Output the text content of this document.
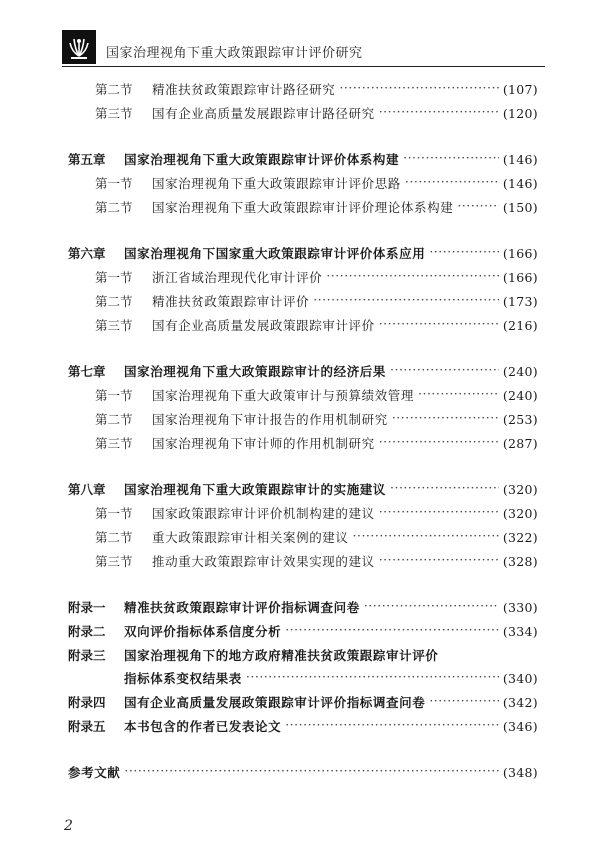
国家治理视角下重大政策跟踪审计评价研究
第二节	精准扶贫政策跟踪审计路径研究 ·····	(107)
第三节	国有企业高质量发展跟踪审计路径研究 ·····	(120)
第五章	国家治理视角下重大政策跟踪审计评价体系构建 ·····	(146)
第一节	国家治理视角下重大政策跟踪审计评价思路 ·····	(146)
第二节	国家治理视角下重大政策跟踪审计评价理论体系构建 ·····	(150)
第六章	国家治理视角下国家重大政策跟踪审计评价体系应用 ·····	(166)
第一节	浙江省域治理现代化审计评价 ·····	(166)
第二节	精准扶贫政策跟踪审计评价 ·····	(173)
第三节	国有企业高质量发展政策跟踪审计评价 ·····	(216)
第七章	国家治理视角下重大政策跟踪审计的经济后果 ·····	(240)
第一节	国家治理视角下重大政策审计与预算绩效管理 ·····	(240)
第二节	国家治理视角下审计报告的作用机制研究 ·····	(253)
第三节	国家治理视角下审计师的作用机制研究 ·····	(287)
第八章	国家治理视角下重大政策跟踪审计的实施建议 ·····	(320)
第一节	国家政策跟踪审计评价机制构建的建议 ·····	(320)
第二节	重大政策跟踪审计相关案例的建议 ·····	(322)
第三节	推动重大政策跟踪审计效果实现的建议 ·····	(328)
附录一	精准扶贫政策跟踪审计评价指标调查问卷 ·····	(330)
附录二	双向评价指标体系信度分析 ·····	(334)
附录三	国家治理视角下的地方政府精准扶贫政策跟踪审计评价
指标体系变权结果表 ·····	(340)
附录四	国有企业高质量发展政策跟踪审计评价指标调查问卷 ·····	(342)
附录五	本书包含的作者已发表论文 ·····	(346)
参考文献 ·····	(348)
2
